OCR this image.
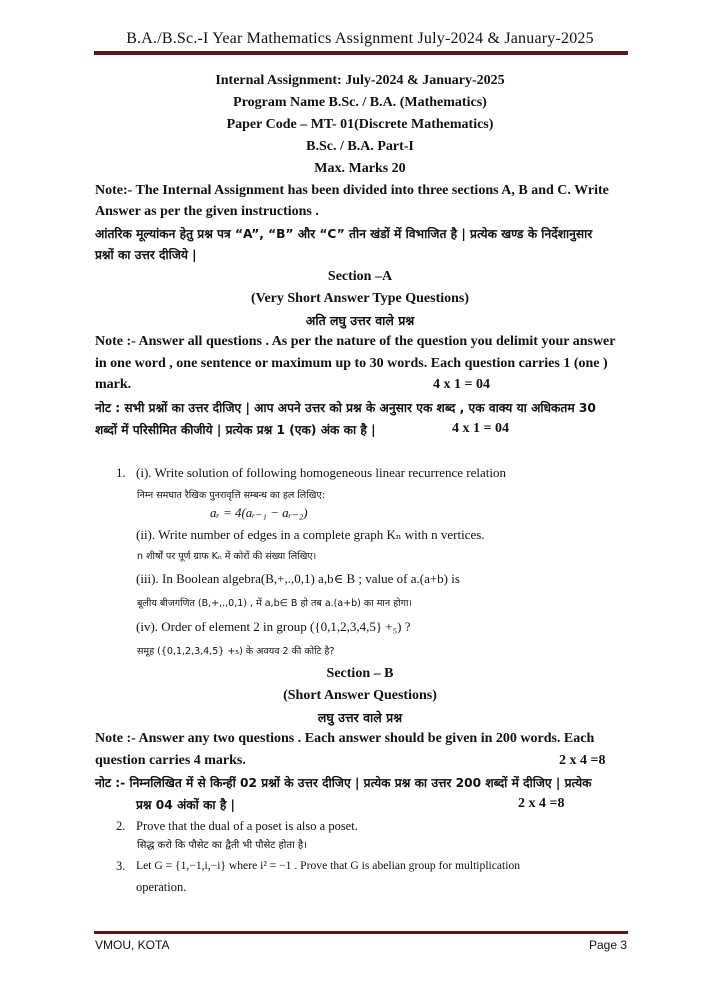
B.A./B.Sc.-I Year Mathematics Assignment July-2024 & January-2025
Internal Assignment: July-2024 & January-2025
Program Name B.Sc. / B.A. (Mathematics)
Paper Code – MT- 01(Discrete Mathematics)
B.Sc. / B.A. Part-I
Max. Marks 20
Note:- The Internal Assignment has been divided into three sections A, B and C. Write
Answer as per the given instructions .
आंतरिक मूल्यांकन हेतु प्रश्न पत्र “A”, “B” और “C” तीन खंडों में विभाजित है | प्रत्येक खण्ड के निर्देशानुसार
प्रश्नों का उत्तर दीजिये |
Section –A
(Very Short Answer Type Questions)
अति लघु उत्तर वाले प्रश्न
Note :- Answer all questions . As per the nature of the question you delimit your answer
in one word , one sentence or maximum up to 30 words. Each question carries 1 (one )
mark.	4 x 1 = 04
नोट : सभी प्रश्नों का उत्तर दीजिए | आप अपने उत्तर को प्रश्न के अनुसार एक शब्द , एक वाक्य या अधिकतम 30
शब्दों में परिसीमित कीजीये | प्रत्येक प्रश्न 1 (एक) अंक का है |	4 x 1 = 04
1. (i). Write solution of following homogeneous linear recurrence relation
निम्न समघात रैखिक पुनरावृत्ति सम्बन्ध का हल लिखिए:
aᵣ = 4(aᵣ₋₁ − aᵣ₋₂)
(ii). Write number of edges in a complete graph Kₙ with n vertices.
n शीर्षों पर पूर्ण ग्राफ Kₙ में कोरों की संख्या लिखिए।
(iii). In Boolean algebra(B,+,.,0,1) a,b∈ B ; value of a.(a+b) is
बूलीय बीजगणित (B,+,.,0,1) , में a,b∈ B हो तब a.(a+b) का मान होगा।
(iv). Order of element 2 in group ({0,1,2,3,4,5} +₅) ?
समूह ({0,1,2,3,4,5} +₅) के अवयव 2 की कोटि है?
Section – B
(Short Answer Questions)
लघु उत्तर वाले प्रश्न
Note :- Answer any two questions . Each answer should be given in 200 words. Each
question carries 4 marks.	2 x 4 =8
नोट :- निम्नलिखित में से किन्हीं 02 प्रश्नों के उत्तर दीजिए | प्रत्येक प्रश्न का उत्तर 200 शब्दों में दीजिए | प्रत्येक
प्रश्न 04 अंकों का है |	2 x 4 =8
2. Prove that the dual of a poset is also a poset.
सिद्ध करो कि पौसेट का द्वैती भी पौसेट होता है।
3. Let G = {1,−1,i,−i} where i² = −1 . Prove that G is abelian group for multiplication
operation.
VMOU, KOTA	Page 3
